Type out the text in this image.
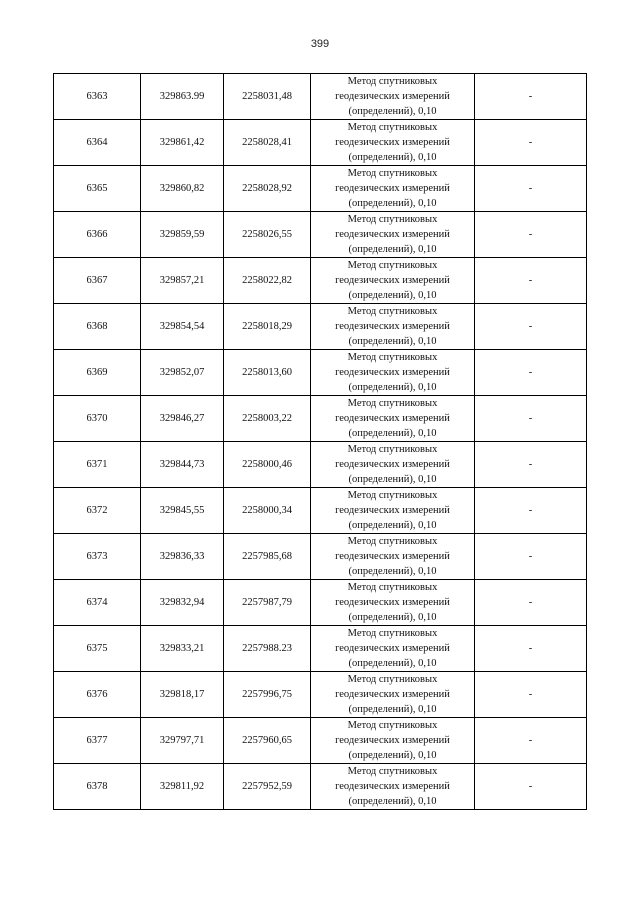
399
6363	329863.99	2258031,48	Метод спутниковых
геодезических измерений
(определений), 0,10	-
6364	329861,42	2258028,41	Метод спутниковых
геодезических измерений
(определений), 0,10	-
6365	329860,82	2258028,92	Метод спутниковых
геодезических измерений
(определений), 0,10	-
6366	329859,59	2258026,55	Метод спутниковых
геодезических измерений
(определений), 0,10	-
6367	329857,21	2258022,82	Метод спутниковых
геодезических измерений
(определений), 0,10	-
6368	329854,54	2258018,29	Метод спутниковых
геодезических измерений
(определений), 0,10	-
6369	329852,07	2258013,60	Метод спутниковых
геодезических измерений
(определений), 0,10	-
6370	329846,27	2258003,22	Метод спутниковых
геодезических измерений
(определений), 0,10	-
6371	329844,73	2258000,46	Метод спутниковых
геодезических измерений
(определений), 0,10	-
6372	329845,55	2258000,34	Метод спутниковых
геодезических измерений
(определений), 0,10	-
6373	329836,33	2257985,68	Метод спутниковых
геодезических измерений
(определений), 0,10	-
6374	329832,94	2257987,79	Метод спутниковых
геодезических измерений
(определений), 0,10	-
6375	329833,21	2257988.23	Метод спутниковых
геодезических измерений
(определений), 0,10	-
6376	329818,17	2257996,75	Метод спутниковых
геодезических измерений
(определений), 0,10	-
6377	329797,71	2257960,65	Метод спутниковых
геодезических измерений
(определений), 0,10	-
6378	329811,92	2257952,59	Метод спутниковых
геодезических измерений
(определений), 0,10	-
